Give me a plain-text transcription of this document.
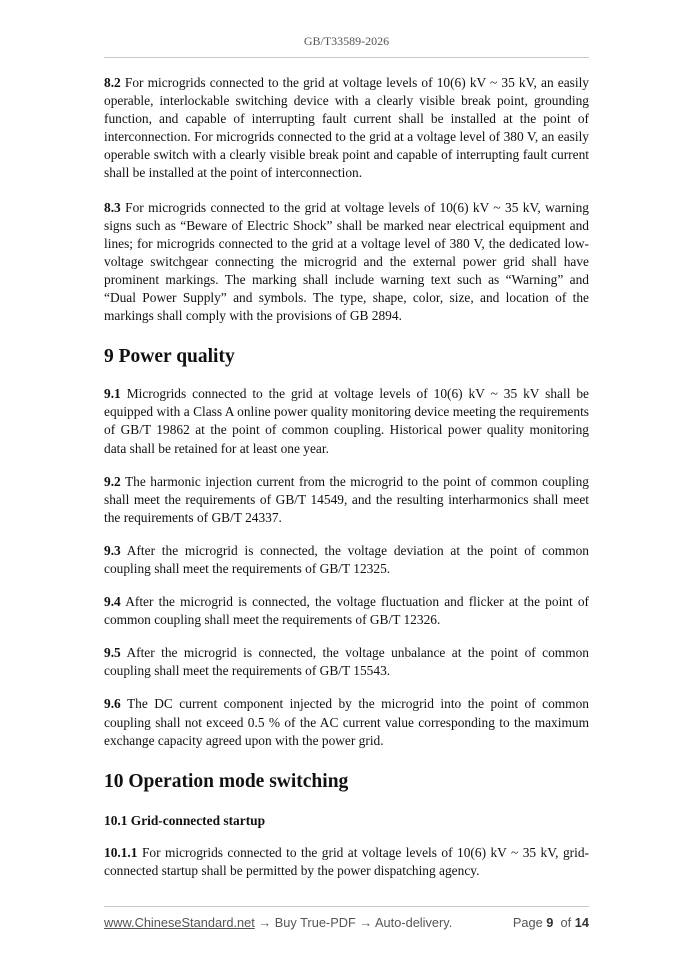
GB/T33589-2026

8.2 For microgrids connected to the grid at voltage levels of 10(6) kV ~ 35 kV, an easily operable, interlockable switching device with a clearly visible break point, grounding function, and capable of interrupting fault current shall be installed at the point of interconnection. For microgrids connected to the grid at a voltage level of 380 V, an easily operable switch with a clearly visible break point and capable of interrupting fault current shall be installed at the point of interconnection.

8.3 For microgrids connected to the grid at voltage levels of 10(6) kV ~ 35 kV, warning signs such as “Beware of Electric Shock” shall be marked near electrical equipment and lines; for microgrids connected to the grid at a voltage level of 380 V, the dedicated low-voltage switchgear connecting the microgrid and the external power grid shall have prominent markings. The marking shall include warning text such as “Warning” and “Dual Power Supply” and symbols. The type, shape, color, size, and location of the markings shall comply with the provisions of GB 2894.

9 Power quality

9.1 Microgrids connected to the grid at voltage levels of 10(6) kV ~ 35 kV shall be equipped with a Class A online power quality monitoring device meeting the requirements of GB/T 19862 at the point of common coupling. Historical power quality monitoring data shall be retained for at least one year.

9.2 The harmonic injection current from the microgrid to the point of common coupling shall meet the requirements of GB/T 14549, and the resulting interharmonics shall meet the requirements of GB/T 24337.

9.3 After the microgrid is connected, the voltage deviation at the point of common coupling shall meet the requirements of GB/T 12325.

9.4 After the microgrid is connected, the voltage fluctuation and flicker at the point of common coupling shall meet the requirements of GB/T 12326.

9.5 After the microgrid is connected, the voltage unbalance at the point of common coupling shall meet the requirements of GB/T 15543.

9.6 The DC current component injected by the microgrid into the point of common coupling shall not exceed 0.5 % of the AC current value corresponding to the maximum exchange capacity agreed upon with the power grid.

10 Operation mode switching
10.1 Grid-connected startup

10.1.1 For microgrids connected to the grid at voltage levels of 10(6) kV ~ 35 kV, grid-connected startup shall be permitted by the power dispatching agency.

www.ChineseStandard.net → Buy True-PDF → Auto-delivery.	Page 9 of 14
